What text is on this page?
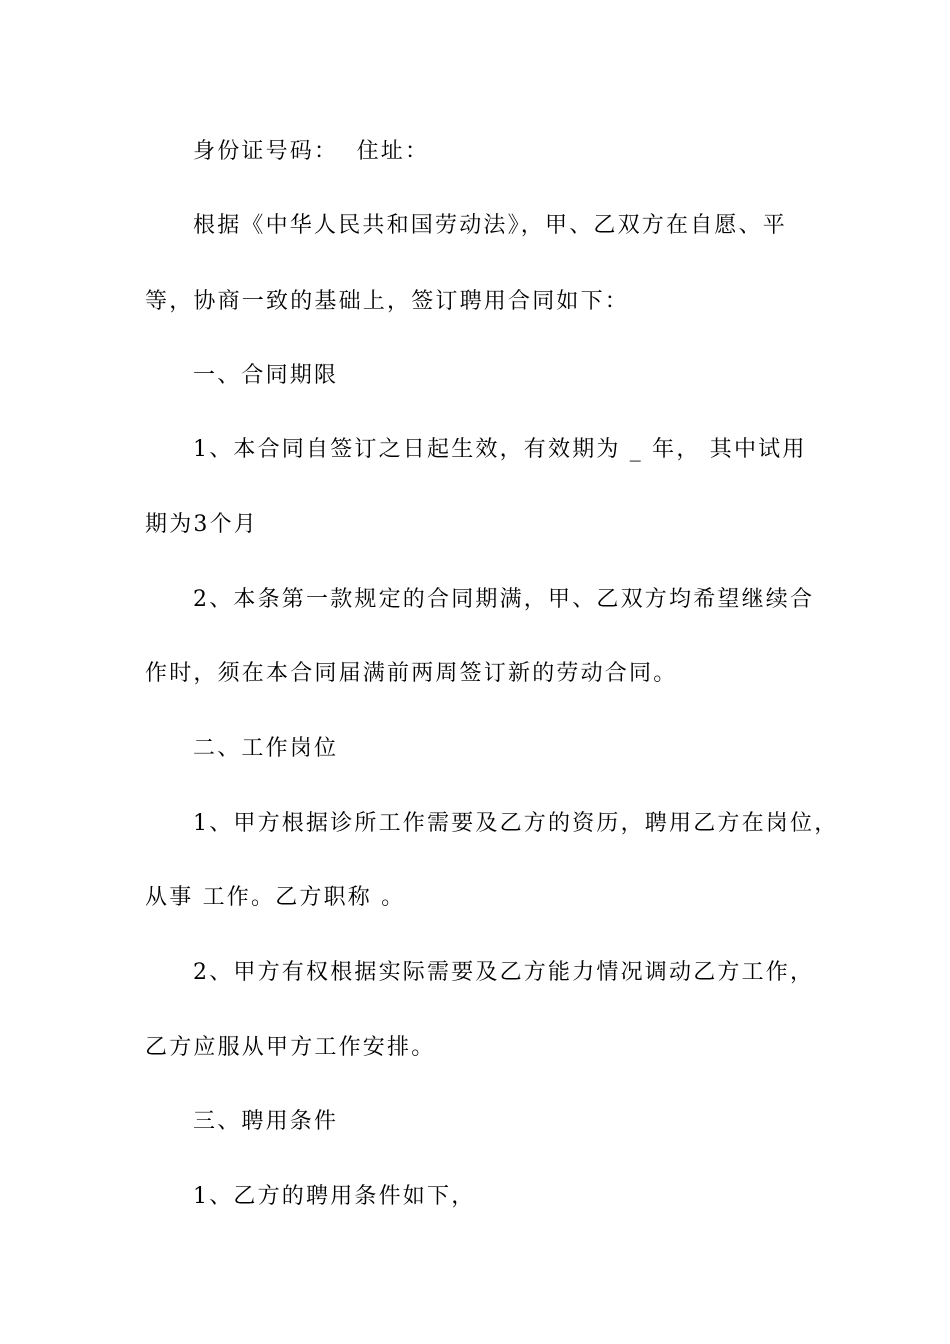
身份证号码：  住址：
根据《中华人民共和国劳动法》，甲、乙双方在自愿、平
等，协商一致的基础上，签订聘用合同如下：
一、合同期限
1、本合同自签订之日起生效，有效期为 _ 年， 其中试用
期为3个月
2、本条第一款规定的合同期满，甲、乙双方均希望继续合
作时，须在本合同届满前两周签订新的劳动合同。
二、工作岗位
1、甲方根据诊所工作需要及乙方的资历，聘用乙方在岗位，
从事 工作。乙方职称 。
2、甲方有权根据实际需要及乙方能力情况调动乙方工作，
乙方应服从甲方工作安排。
三、聘用条件
1、乙方的聘用条件如下，
